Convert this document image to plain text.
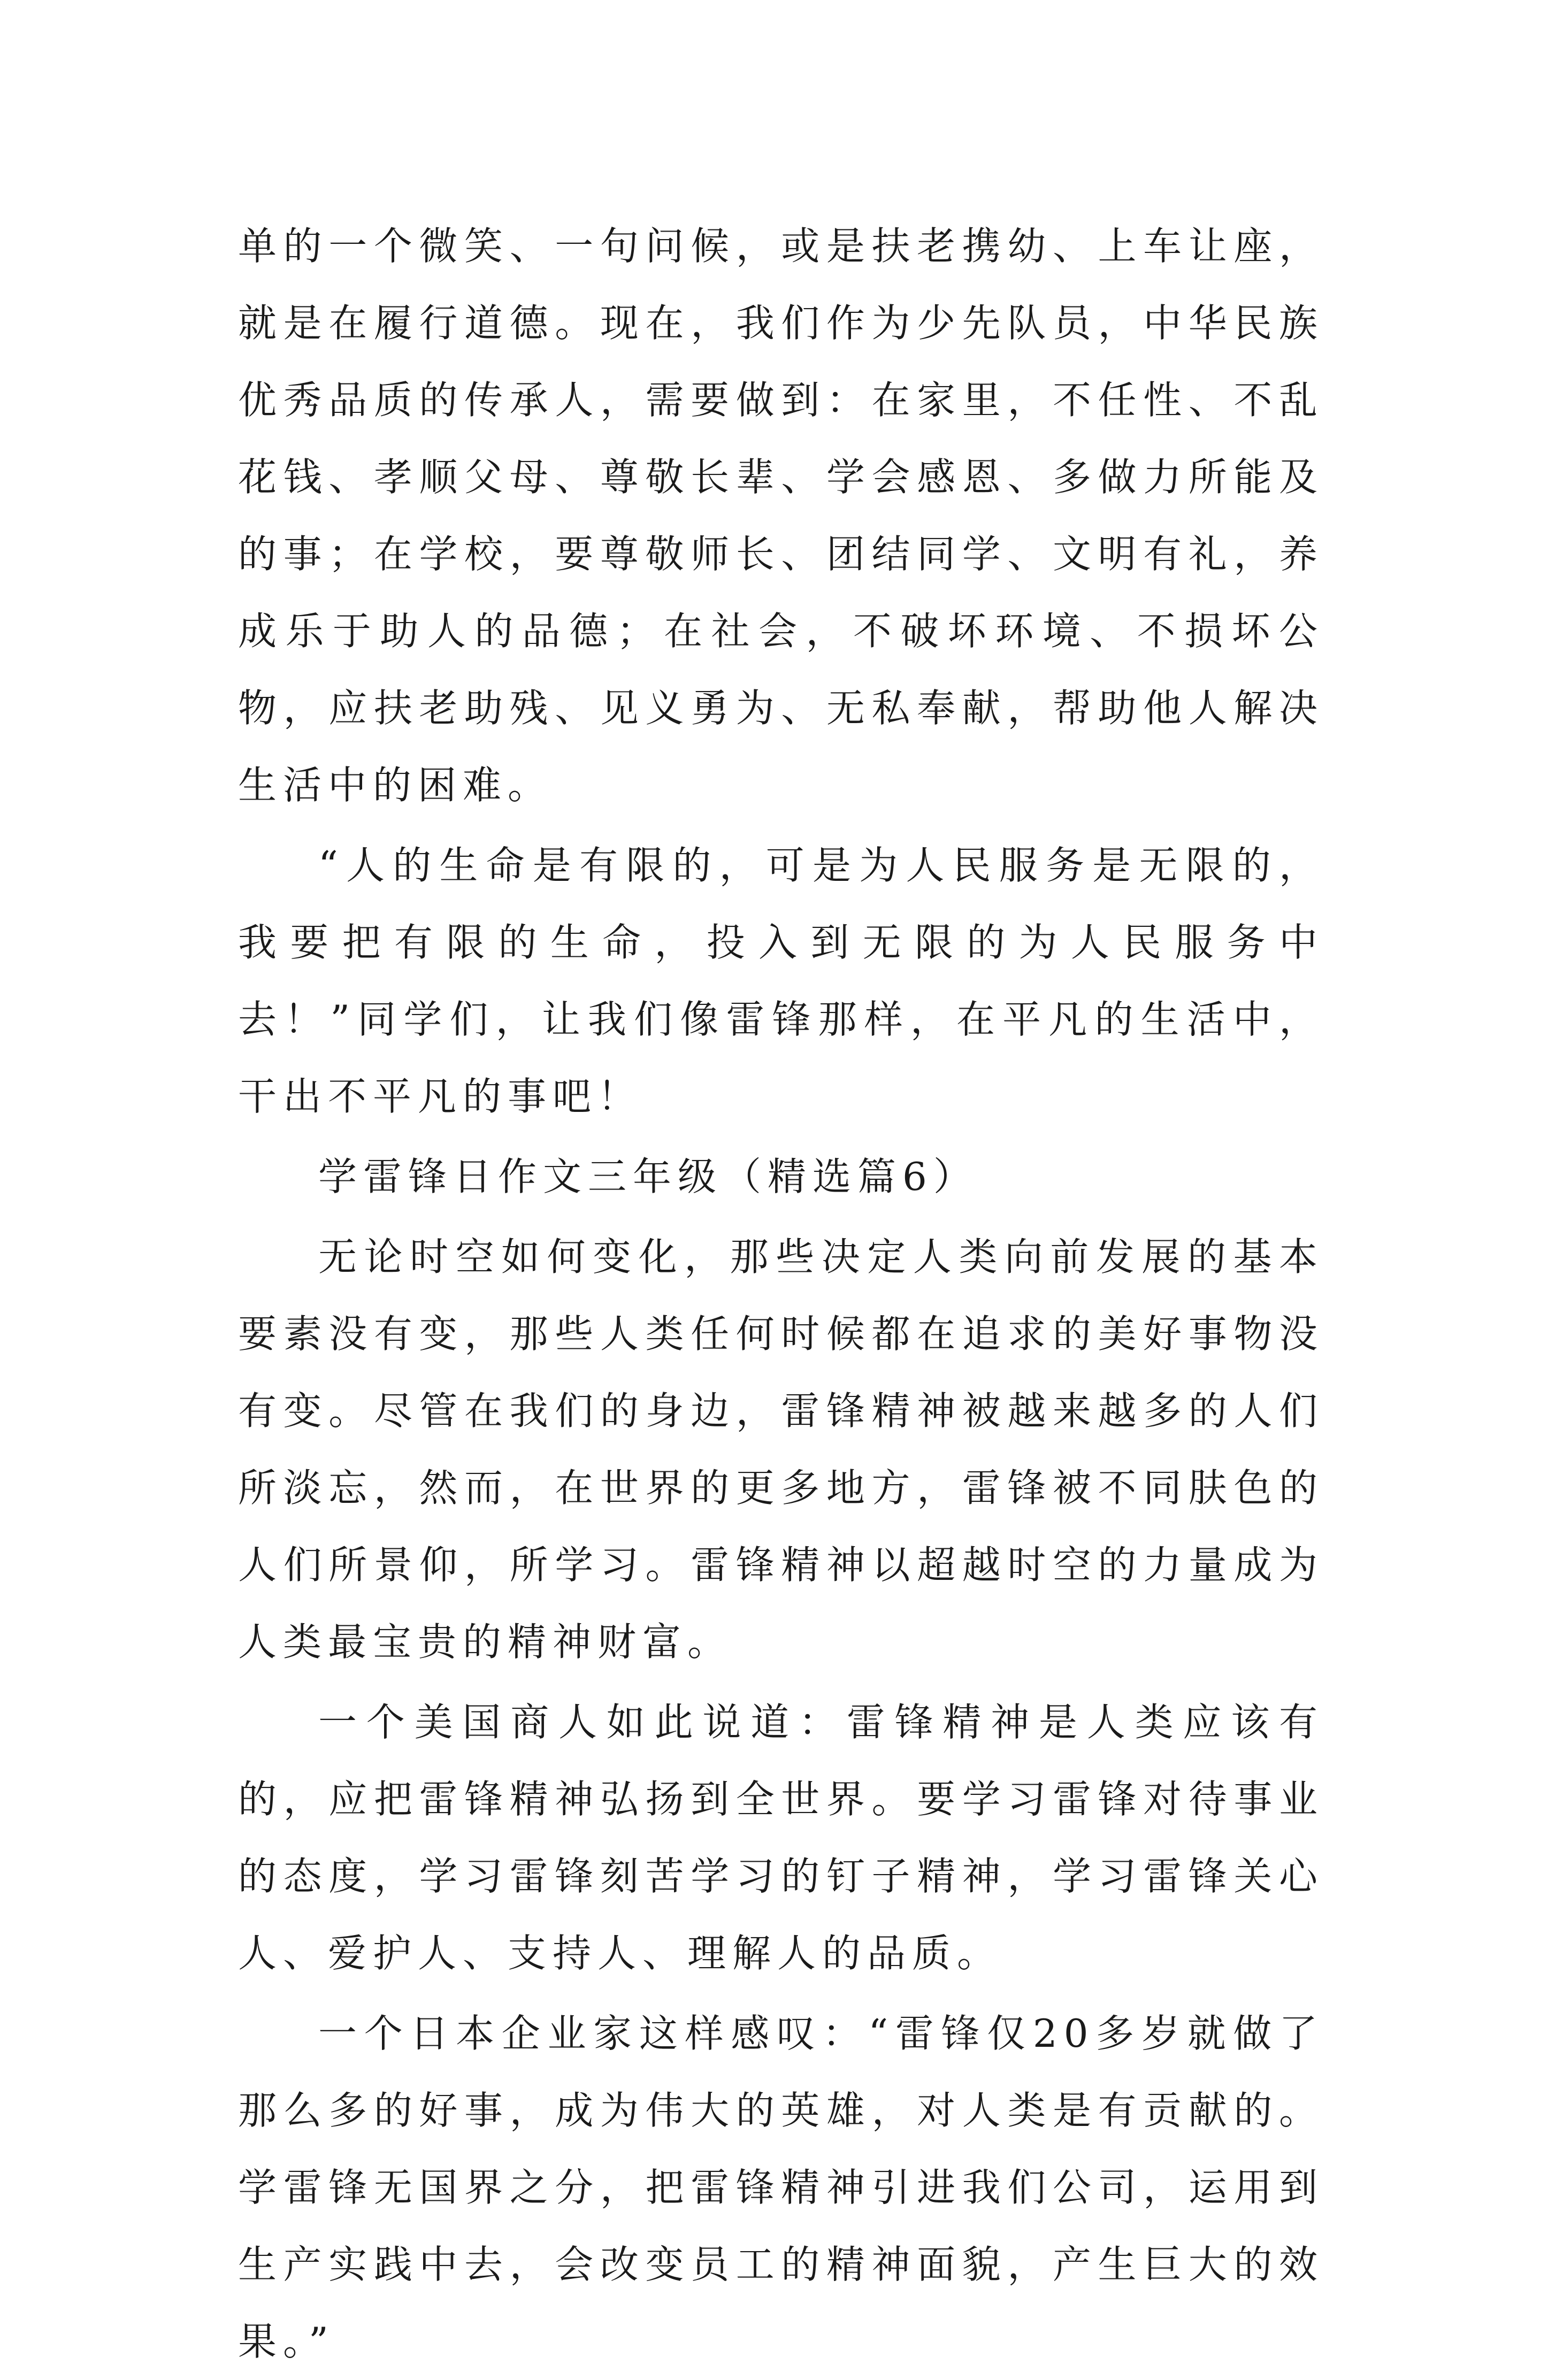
单的一个微笑、一句问候，或是扶老携幼、上车让座，就是在履行道德。现在，我们作为少先队员，中华民族优秀品质的传承人，需要做到：在家里，不任性、不乱花钱、孝顺父母、尊敬长辈、学会感恩、多做力所能及的事；在学校，要尊敬师长、团结同学、文明有礼，养成乐于助人的品德；在社会，不破坏环境、不损坏公物，应扶老助残、见义勇为、无私奉献，帮助他人解决生活中的困难。

“人的生命是有限的，可是为人民服务是无限的，我要把有限的生命，投入到无限的为人民服务中去！”同学们，让我们像雷锋那样，在平凡的生活中，干出不平凡的事吧！

学雷锋日作文三年级（精选篇6）

无论时空如何变化，那些决定人类向前发展的基本要素没有变，那些人类任何时候都在追求的美好事物没有变。尽管在我们的身边，雷锋精神被越来越多的人们所淡忘，然而，在世界的更多地方，雷锋被不同肤色的人们所景仰，所学习。雷锋精神以超越时空的力量成为人类最宝贵的精神财富。

一个美国商人如此说道：雷锋精神是人类应该有的，应把雷锋精神弘扬到全世界。要学习雷锋对待事业的态度，学习雷锋刻苦学习的钉子精神，学习雷锋关心人、爱护人、支持人、理解人的品质。

一个日本企业家这样感叹：“雷锋仅20多岁就做了那么多的好事，成为伟大的英雄，对人类是有贡献的。学雷锋无国界之分，把雷锋精神引进我们公司，运用到生产实践中去，会改变员工的精神面貌，产生巨大的效果。”
